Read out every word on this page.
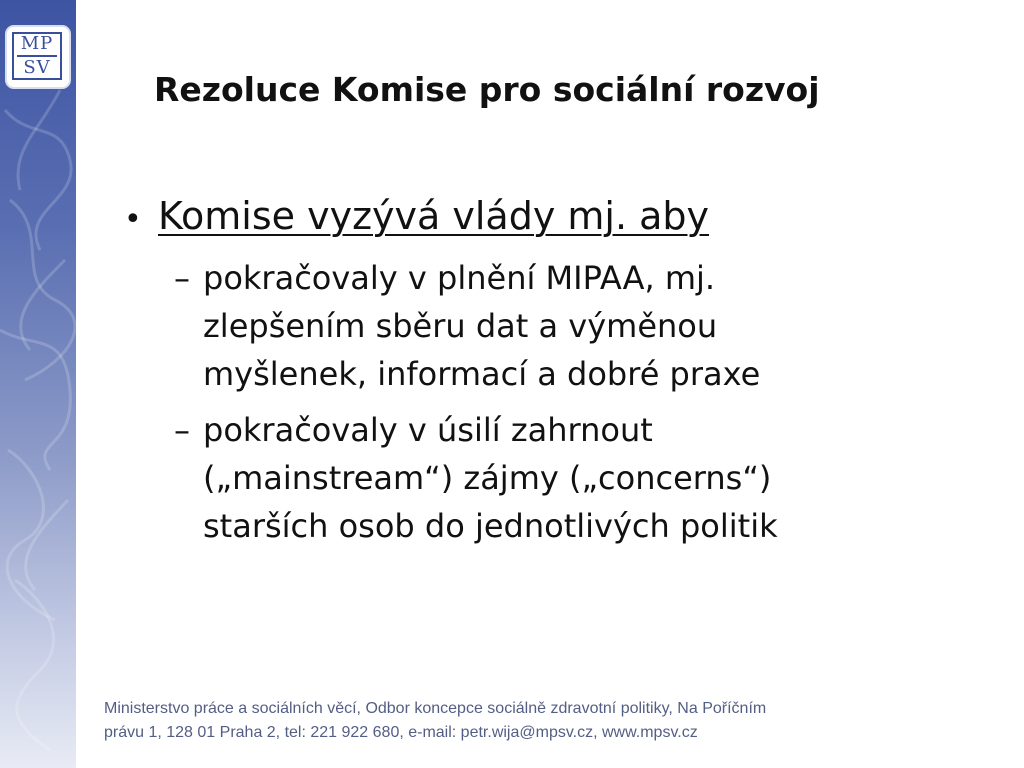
MP
SV
Rezoluce Komise pro sociální rozvoj
• Komise vyzývá vlády mj. aby
– pokračovaly v plnění MIPAA, mj.
zlepšením sběru dat a výměnou
myšlenek, informací a dobré praxe
– pokračovaly v úsilí zahrnout
(„mainstream“) zájmy („concerns“)
starších osob do jednotlivých politik
Ministerstvo práce a sociálních věcí, Odbor koncepce sociálně zdravotní politiky, Na Poříčním
právu 1, 128 01 Praha 2, tel: 221 922 680, e-mail: petr.wija@mpsv.cz, www.mpsv.cz
